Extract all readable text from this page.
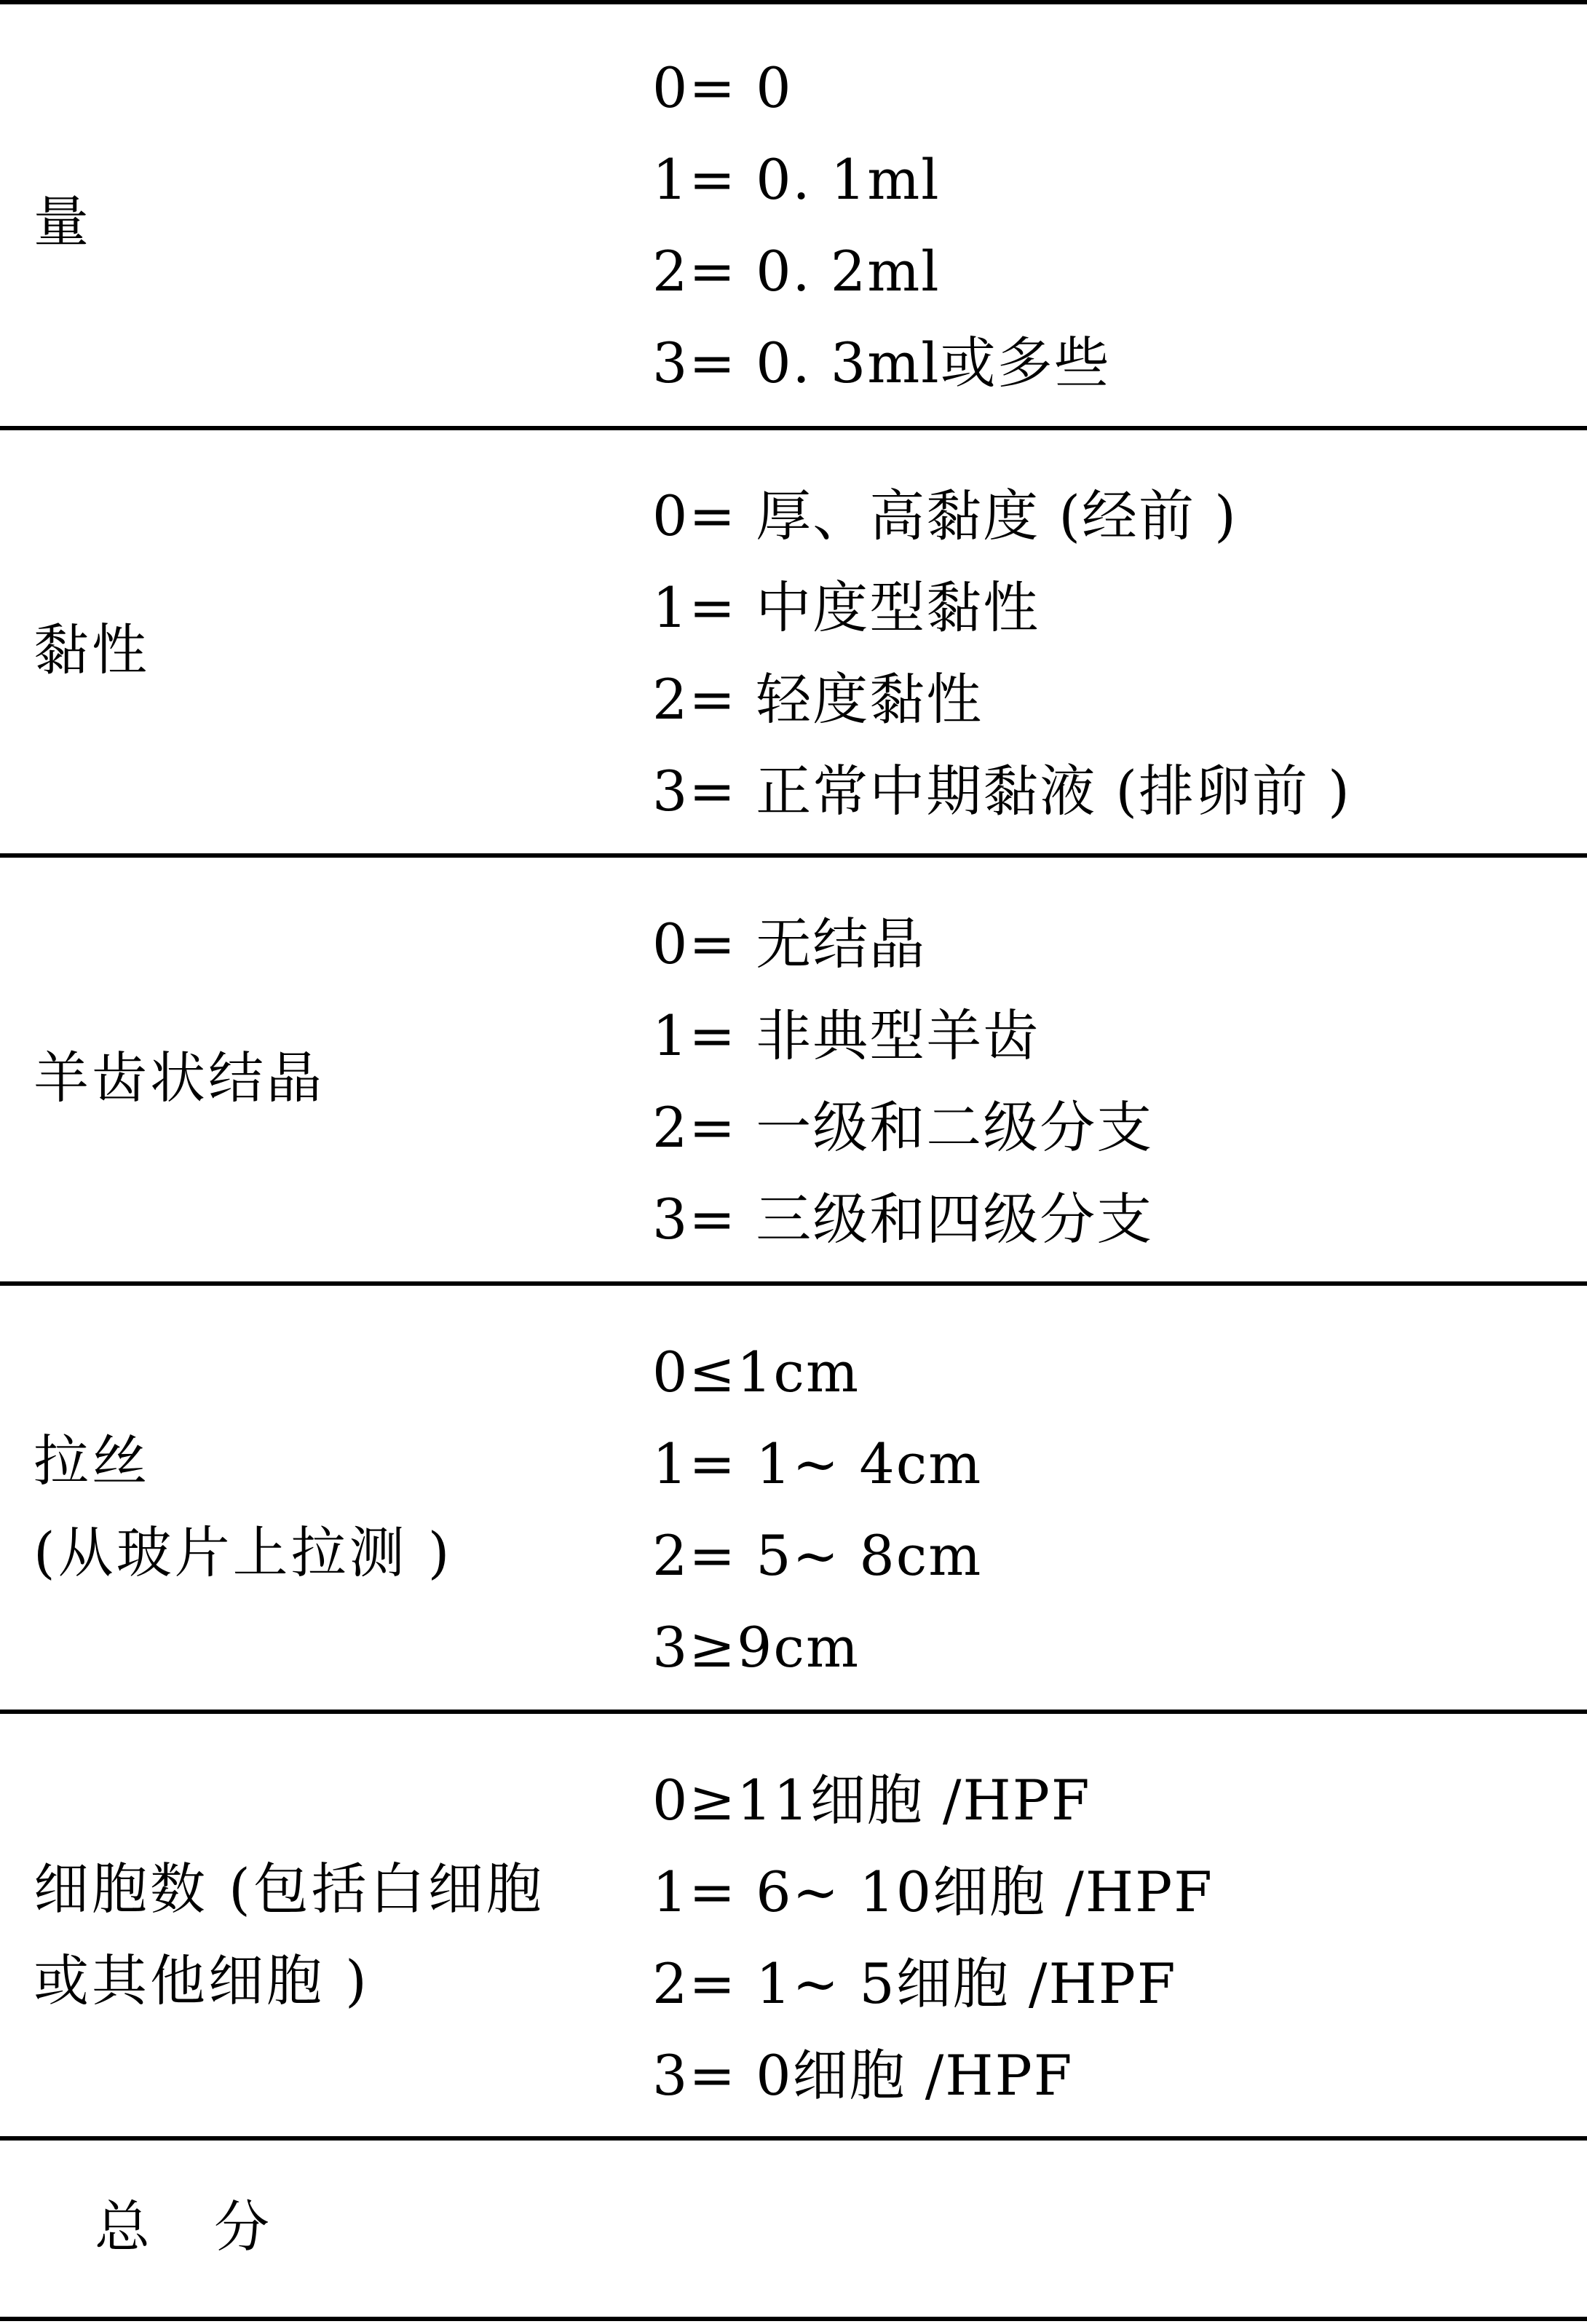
量
0= 0
1= 0. 1ml
2= 0. 2ml
3= 0. 3ml或多些
黏性
0= 厚、高黏度 (经前 )
1= 中度型黏性
2= 轻度黏性
3= 正常中期黏液 (排卵前 )
羊齿状结晶
0= 无结晶
1= 非典型羊齿
2= 一级和二级分支
3= 三级和四级分支
拉丝
(从玻片上拉测 )
0≤1cm
1= 1~ 4cm
2= 5~ 8cm
3≥9cm
细胞数 (包括白细胞
或其他细胞 )
0≥11细胞 /HPF
1= 6~ 10细胞 /HPF
2= 1~ 5细胞 /HPF
3= 0细胞 /HPF
总分
